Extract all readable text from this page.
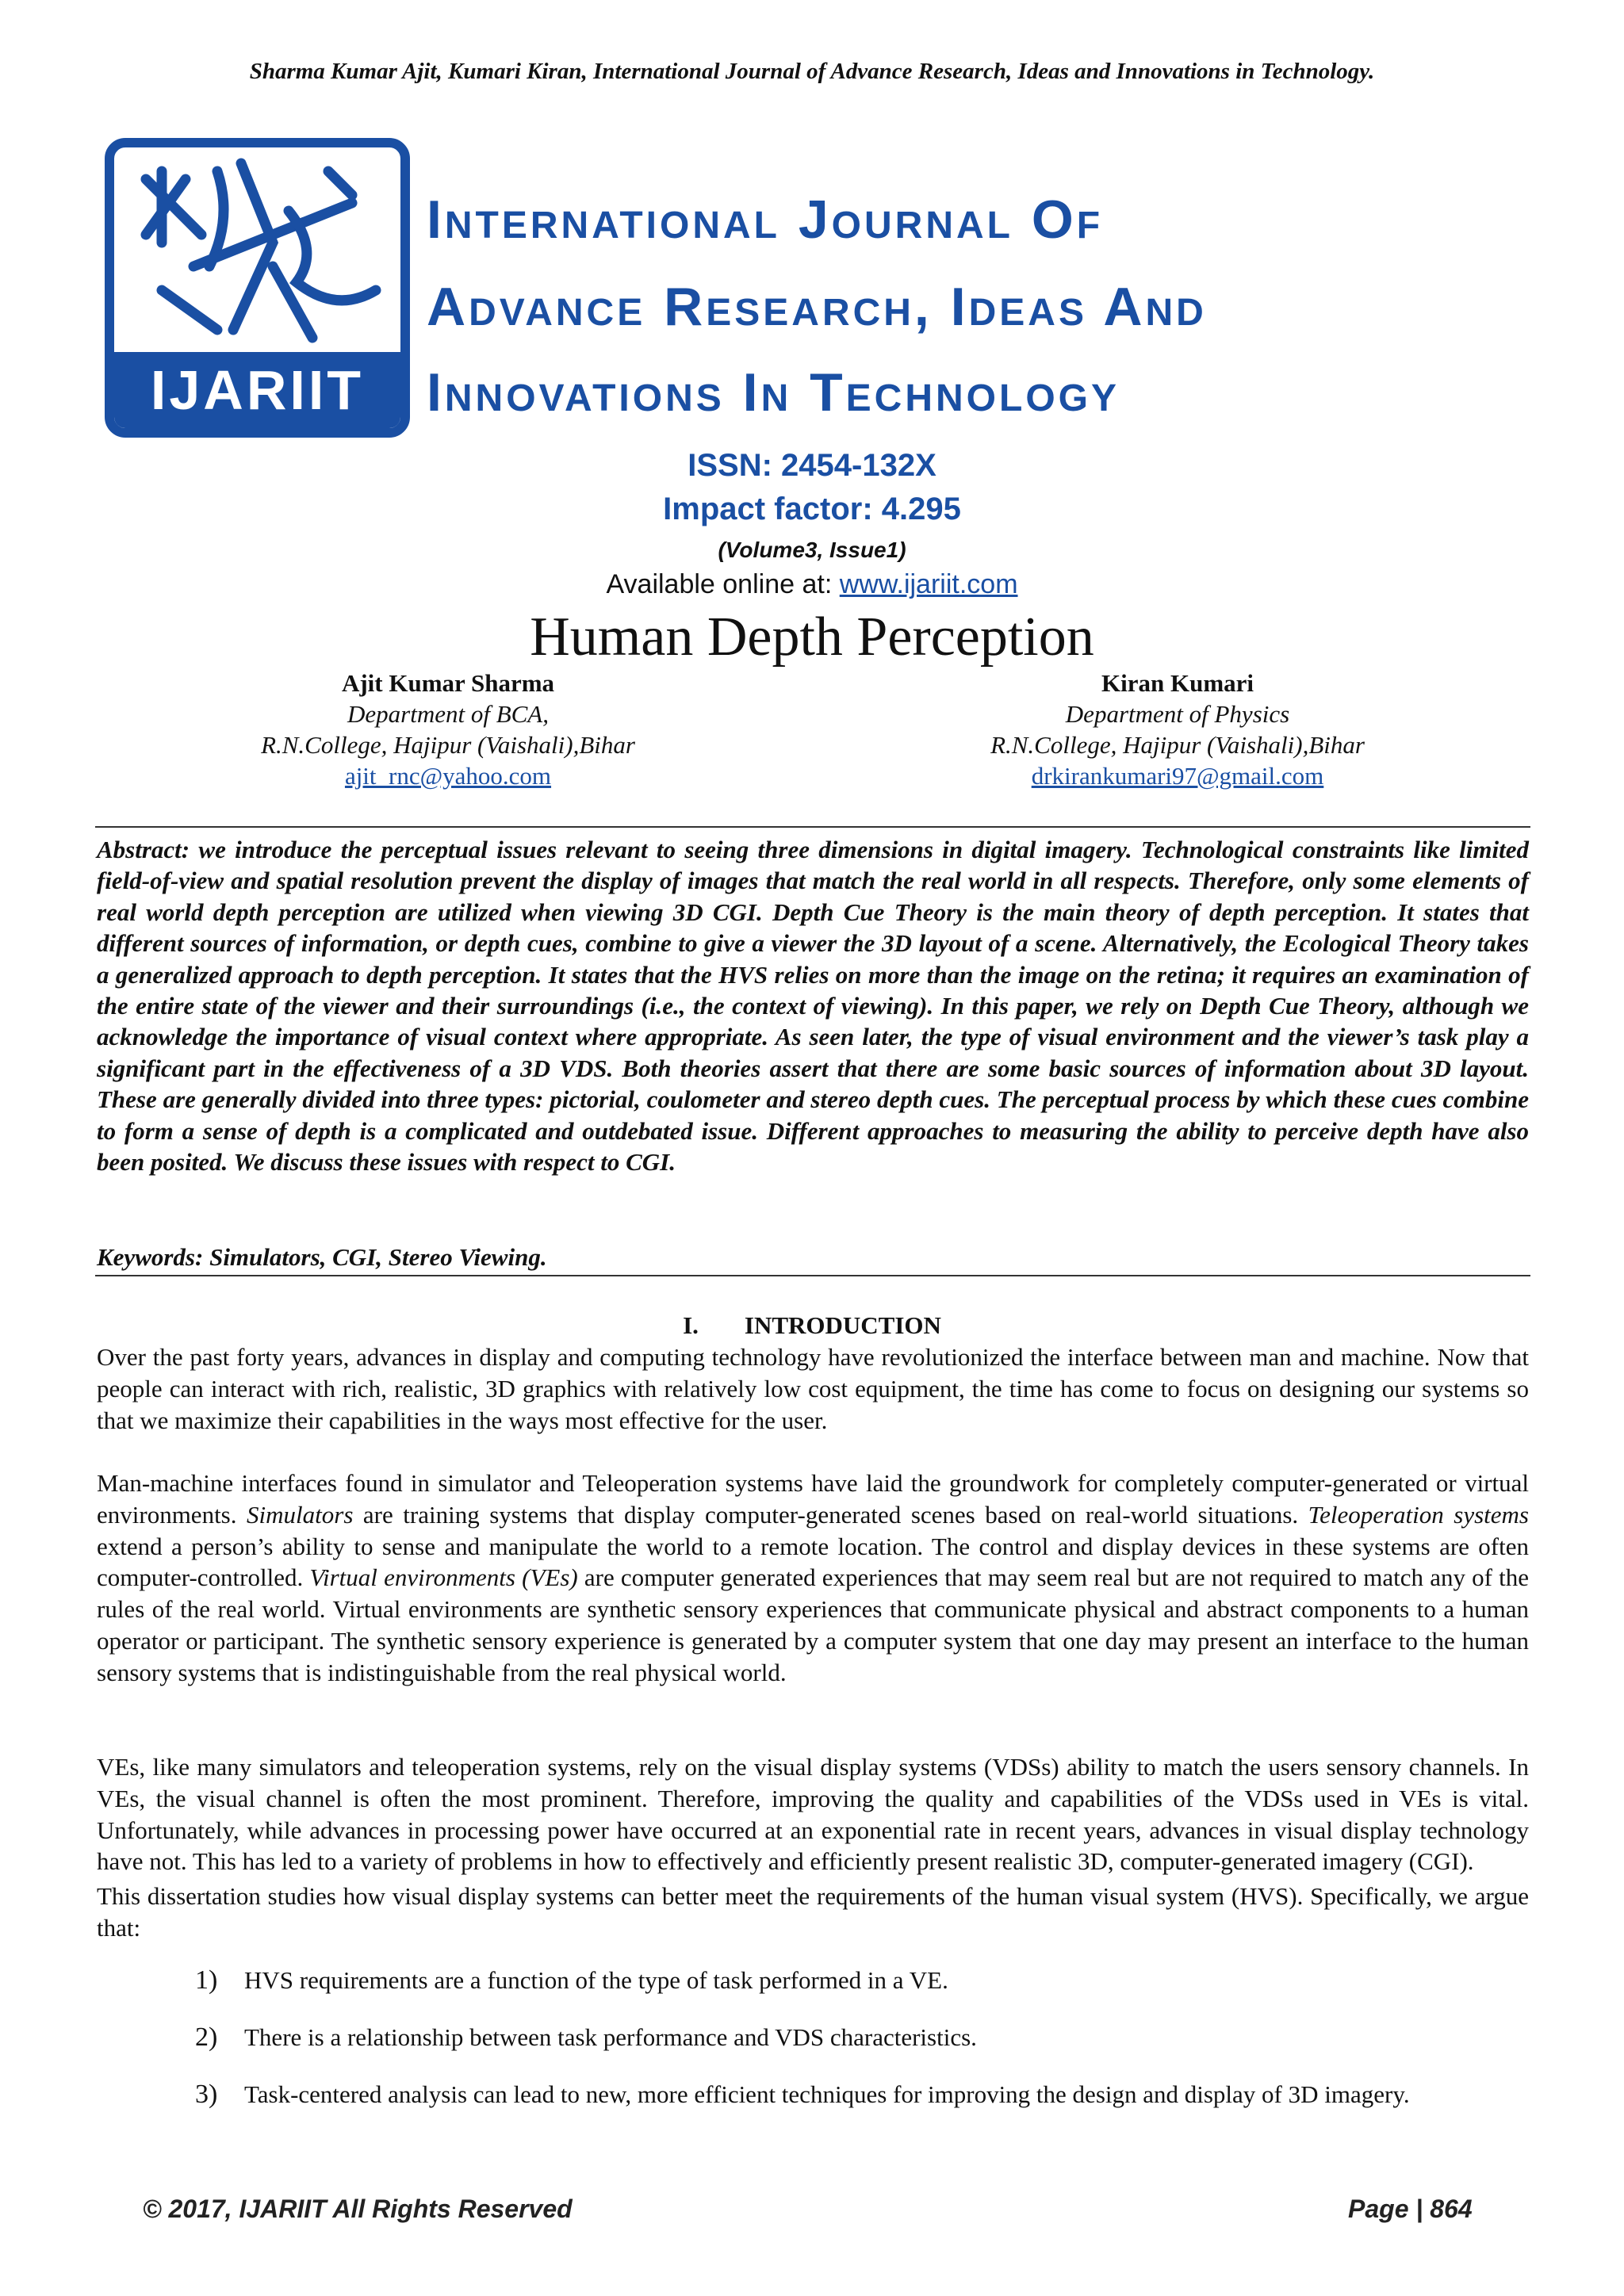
Sharma Kumar Ajit, Kumari Kiran, International Journal of Advance Research, Ideas and Innovations in Technology.
IJARIIT
International Journal Of
Advance Research, Ideas And
Innovations In Technology
ISSN: 2454-132X
Impact factor: 4.295
(Volume3, Issue1)
Available online at: www.ijariit.com
Human Depth Perception
Ajit Kumar Sharma
Department of BCA,
R.N.College, Hajipur (Vaishali),Bihar
ajit_rnc@yahoo.com
Kiran Kumari
Department of Physics
R.N.College, Hajipur (Vaishali),Bihar
drkirankumari97@gmail.com
Abstract: we introduce the perceptual issues relevant to seeing three dimensions in digital imagery. Technological constraints like limited field-of-view and spatial resolution prevent the display of images that match the real world in all respects. Therefore, only some elements of real world depth perception are utilized when viewing 3D CGI. Depth Cue Theory is the main theory of depth perception. It states that different sources of information, or depth cues, combine to give a viewer the 3D layout of a scene. Alternatively, the Ecological Theory takes a generalized approach to depth perception. It states that the HVS relies on more than the image on the retina; it requires an examination of the entire state of the viewer and their surroundings (i.e., the context of viewing). In this paper, we rely on Depth Cue Theory, although we acknowledge the importance of visual context where appropriate. As seen later, the type of visual environment and the viewer’s task play a significant part in the effectiveness of a 3D VDS. Both theories assert that there are some basic sources of information about 3D layout. These are generally divided into three types: pictorial, coulometer and stereo depth cues. The perceptual process by which these cues combine to form a sense of depth is a complicated and outdebated issue. Different approaches to measuring the ability to perceive depth have also been posited. We discuss these issues with respect to CGI.
Keywords: Simulators, CGI, Stereo Viewing.
I. INTRODUCTION

Over the past forty years, advances in display and computing technology have revolutionized the interface between man and machine. Now that people can interact with rich, realistic, 3D graphics with relatively low cost equipment, the time has come to focus on designing our systems so that we maximize their capabilities in the ways most effective for the user.

Man-machine interfaces found in simulator and Teleoperation systems have laid the groundwork for completely computer-generated or virtual environments. Simulators are training systems that display computer-generated scenes based on real-world situations. Teleoperation systems extend a person’s ability to sense and manipulate the world to a remote location. The control and display devices in these systems are often computer-controlled. Virtual environments (VEs) are computer generated experiences that may seem real but are not required to match any of the rules of the real world. Virtual environments are synthetic sensory experiences that communicate physical and abstract components to a human operator or participant. The synthetic sensory experience is generated by a computer system that one day may present an interface to the human sensory systems that is indistinguishable from the real physical world.

VEs, like many simulators and teleoperation systems, rely on the visual display systems (VDSs) ability to match the users sensory channels. In VEs, the visual channel is often the most prominent. Therefore, improving the quality and capabilities of the VDSs used in VEs is vital. Unfortunately, while advances in processing power have occurred at an exponential rate in recent years, advances in visual display technology have not. This has led to a variety of problems in how to effectively and efficiently present realistic 3D, computer-generated imagery (CGI).

This dissertation studies how visual display systems can better meet the requirements of the human visual system (HVS). Specifically, we argue that:

1) HVS requirements are a function of the type of task performed in a VE.
2) There is a relationship between task performance and VDS characteristics.
3) Task-centered analysis can lead to new, more efficient techniques for improving the design and display of 3D imagery.
© 2017, IJARIIT All Rights Reserved	Page | 864
